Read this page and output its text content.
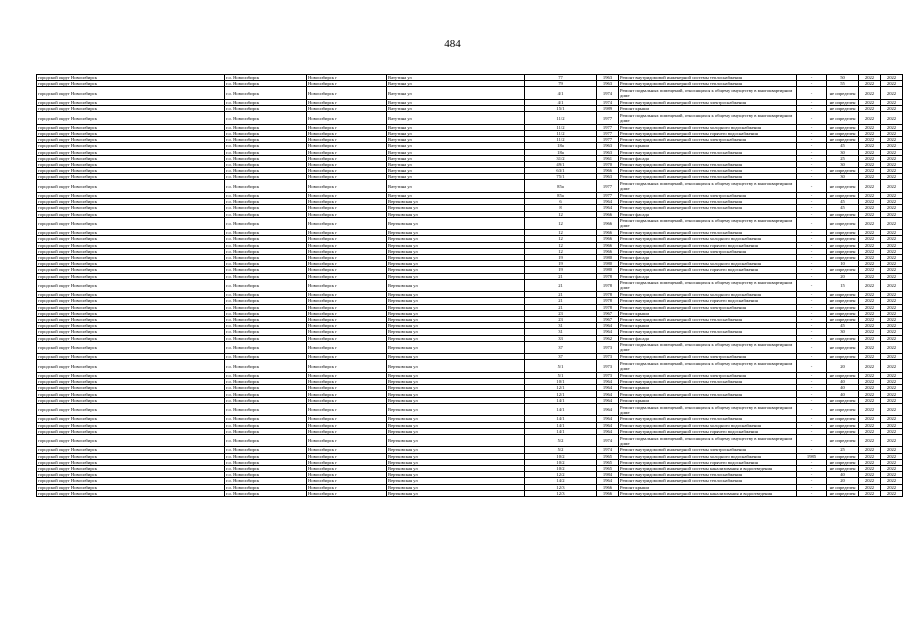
484
городской округ Новосибирск	г.о. Новосибирск	Новосибирск г	Ватутина ул	77	1963	Ремонт внутридомовой инженерной системы теплоснабжения	-	50	2022	2022
городской округ Новосибирск	г.о. Новосибирск	Новосибирск г	Ватутина ул	79	1963	Ремонт внутридомовой инженерной системы теплоснабжения	-	55	2022	2022
городской округ Новосибирск	г.о. Новосибирск	Новосибирск г	Ватутина ул	4/1	1974	Ремонт подвальных помещений, относящихся к общему имуществу в многоквартирном доме	-	не определен	2022	2022
городской округ Новосибирск	г.о. Новосибирск	Новосибирск г	Ватутина ул	4/1	1974	Ремонт внутридомовой инженерной системы электроснабжения	-	не определен	2022	2022
городской округ Новосибирск	г.о. Новосибирск	Новосибирск г	Ватутина ул	15/1	1989	Ремонт крыши	-	не определен	2022	2022
городской округ Новосибирск	г.о. Новосибирск	Новосибирск г	Ватутина ул	11/2	1977	Ремонт подвальных помещений, относящихся к общему имуществу в многоквартирном доме	-	не определен	2022	2022
городской округ Новосибирск	г.о. Новосибирск	Новосибирск г	Ватутина ул	11/2	1977	Ремонт внутридомовой инженерной системы холодного водоснабжения	-	не определен	2022	2022
городской округ Новосибирск	г.о. Новосибирск	Новосибирск г	Ватутина ул	11/2	1977	Ремонт внутридомовой инженерной системы горячего водоснабжения	-	не определен	2022	2022
городской округ Новосибирск	г.о. Новосибирск	Новосибирск г	Ватутина ул	11/2	1977	Ремонт внутридомовой инженерной системы электроснабжения	-	не определен	2022	2022
городской округ Новосибирск	г.о. Новосибирск	Новосибирск г	Ватутина ул	18а	1963	Ремонт крыши	-	45	2022	2022
городской округ Новосибирск	г.о. Новосибирск	Новосибирск г	Ватутина ул	18а	1963	Ремонт внутридомовой инженерной системы теплоснабжения	-	30	2022	2022
городской округ Новосибирск	г.о. Новосибирск	Новосибирск г	Ватутина ул	31/2	1961	Ремонт фасада	-	25	2022	2022
городской округ Новосибирск	г.о. Новосибирск	Новосибирск г	Ватутина ул	49/1	1970	Ремонт внутридомовой инженерной системы теплоснабжения	-	30	2022	2022
городской округ Новосибирск	г.о. Новосибирск	Новосибирск г	Ватутина ул	63/1	1966	Ремонт внутридомовой инженерной системы теплоснабжения	-	не определен	2022	2022
городской округ Новосибирск	г.о. Новосибирск	Новосибирск г	Ватутина ул	75/1	1963	Ремонт внутридомовой инженерной системы теплоснабжения	-	30	2022	2022
городской округ Новосибирск	г.о. Новосибирск	Новосибирск г	Ватутина ул	85а	1977	Ремонт подвальных помещений, относящихся к общему имуществу в многоквартирном доме	-	не определен	2022	2022
городской округ Новосибирск	г.о. Новосибирск	Новосибирск г	Ватутина ул	85а	1977	Ремонт внутридомовой инженерной системы электроснабжения	-	не определен	2022	2022
городской округ Новосибирск	г.о. Новосибирск	Новосибирск г	Вертковская ул	6	1964	Ремонт внутридомовой инженерной системы теплоснабжения	-	45	2022	2022
городской округ Новосибирск	г.о. Новосибирск	Новосибирск г	Вертковская ул	8	1964	Ремонт внутридомовой инженерной системы теплоснабжения	-	45	2022	2022
городской округ Новосибирск	г.о. Новосибирск	Новосибирск г	Вертковская ул	12	1966	Ремонт фасада	-	не определен	2022	2022
городской округ Новосибирск	г.о. Новосибирск	Новосибирск г	Вертковская ул	12	1966	Ремонт подвальных помещений, относящихся к общему имуществу в многоквартирном доме	-	не определен	2022	2022
городской округ Новосибирск	г.о. Новосибирск	Новосибирск г	Вертковская ул	12	1966	Ремонт внутридомовой инженерной системы теплоснабжения	-	не определен	2022	2022
городской округ Новосибирск	г.о. Новосибирск	Новосибирск г	Вертковская ул	12	1966	Ремонт внутридомовой инженерной системы холодного водоснабжения	-	не определен	2022	2022
городской округ Новосибирск	г.о. Новосибирск	Новосибирск г	Вертковская ул	12	1966	Ремонт внутридомовой инженерной системы горячего водоснабжения	-	не определен	2022	2022
городской округ Новосибирск	г.о. Новосибирск	Новосибирск г	Вертковская ул	12	1966	Ремонт внутридомовой инженерной системы электроснабжения	-	не определен	2022	2022
городской округ Новосибирск	г.о. Новосибирск	Новосибирск г	Вертковская ул	19	1980	Ремонт фасада	-	не определен	2022	2022
городской округ Новосибирск	г.о. Новосибирск	Новосибирск г	Вертковская ул	19	1980	Ремонт внутридомовой инженерной системы холодного водоснабжения	-	10	2022	2022
городской округ Новосибирск	г.о. Новосибирск	Новосибирск г	Вертковская ул	19	1980	Ремонт внутридомовой инженерной системы горячего водоснабжения	-	не определен	2022	2022
городской округ Новосибирск	г.о. Новосибирск	Новосибирск г	Вертковская ул	21	1978	Ремонт фасада	-	20	2022	2022
городской округ Новосибирск	г.о. Новосибирск	Новосибирск г	Вертковская ул	21	1978	Ремонт подвальных помещений, относящихся к общему имуществу в многоквартирном доме	-	15	2022	2022
городской округ Новосибирск	г.о. Новосибирск	Новосибирск г	Вертковская ул	21	1978	Ремонт внутридомовой инженерной системы холодного водоснабжения	-	не определен	2022	2022
городской округ Новосибирск	г.о. Новосибирск	Новосибирск г	Вертковская ул	21	1978	Ремонт внутридомовой инженерной системы горячего водоснабжения	-	не определен	2022	2022
городской округ Новосибирск	г.о. Новосибирск	Новосибирск г	Вертковская ул	21	1978	Ремонт внутридомовой инженерной системы электроснабжения	-	не определен	2022	2022
городской округ Новосибирск	г.о. Новосибирск	Новосибирск г	Вертковская ул	23	1967	Ремонт крыши	-	не определен	2022	2022
городской округ Новосибирск	г.о. Новосибирск	Новосибирск г	Вертковская ул	23	1967	Ремонт внутридомовой инженерной системы теплоснабжения	-	не определен	2022	2022
городской округ Новосибирск	г.о. Новосибирск	Новосибирск г	Вертковская ул	31	1964	Ремонт крыши	-	45	2022	2022
городской округ Новосибирск	г.о. Новосибирск	Новосибирск г	Вертковская ул	31	1964	Ремонт внутридомовой инженерной системы теплоснабжения	-	30	2022	2022
городской округ Новосибирск	г.о. Новосибирск	Новосибирск г	Вертковская ул	33	1962	Ремонт фасада	-	не определен	2022	2022
городской округ Новосибирск	г.о. Новосибирск	Новосибирск г	Вертковская ул	37	1973	Ремонт подвальных помещений, относящихся к общему имуществу в многоквартирном доме	-	не определен	2022	2022
городской округ Новосибирск	г.о. Новосибирск	Новосибирск г	Вертковская ул	37	1973	Ремонт внутридомовой инженерной системы электроснабжения	-	не определен	2022	2022
городской округ Новосибирск	г.о. Новосибирск	Новосибирск г	Вертковская ул	5/1	1973	Ремонт подвальных помещений, относящихся к общему имуществу в многоквартирном доме	-	20	2022	2022
городской округ Новосибирск	г.о. Новосибирск	Новосибирск г	Вертковская ул	5/1	1973	Ремонт внутридомовой инженерной системы электроснабжения	-	не определен	2022	2022
городской округ Новосибирск	г.о. Новосибирск	Новосибирск г	Вертковская ул	10/1	1964	Ремонт внутридомовой инженерной системы теплоснабжения	-	40	2022	2022
городской округ Новосибирск	г.о. Новосибирск	Новосибирск г	Вертковская ул	12/1	1964	Ремонт крыши	-	40	2022	2022
городской округ Новосибирск	г.о. Новосибирск	Новосибирск г	Вертковская ул	12/1	1964	Ремонт внутридомовой инженерной системы теплоснабжения	-	40	2022	2022
городской округ Новосибирск	г.о. Новосибирск	Новосибирск г	Вертковская ул	14/1	1964	Ремонт крыши	-	не определен	2022	2022
городской округ Новосибирск	г.о. Новосибирск	Новосибирск г	Вертковская ул	14/1	1964	Ремонт подвальных помещений, относящихся к общему имуществу в многоквартирном доме	-	не определен	2022	2022
городской округ Новосибирск	г.о. Новосибирск	Новосибирск г	Вертковская ул	14/1	1964	Ремонт внутридомовой инженерной системы теплоснабжения	-	не определен	2022	2022
городской округ Новосибирск	г.о. Новосибирск	Новосибирск г	Вертковская ул	14/1	1964	Ремонт внутридомовой инженерной системы холодного водоснабжения	-	не определен	2022	2022
городской округ Новосибирск	г.о. Новосибирск	Новосибирск г	Вертковская ул	14/1	1964	Ремонт внутридомовой инженерной системы горячего водоснабжения	-	не определен	2022	2022
городской округ Новосибирск	г.о. Новосибирск	Новосибирск г	Вертковская ул	5/2	1974	Ремонт подвальных помещений, относящихся к общему имуществу в многоквартирном доме	-	не определен	2022	2022
городской округ Новосибирск	г.о. Новосибирск	Новосибирск г	Вертковская ул	5/2	1974	Ремонт внутридомовой инженерной системы электроснабжения	-	25	2022	2022
городской округ Новосибирск	г.о. Новосибирск	Новосибирск г	Вертковская ул	10/2	1965	Ремонт внутридомовой инженерной системы холодного водоснабжения	1985	не определен	2022	2022
городской округ Новосибирск	г.о. Новосибирск	Новосибирск г	Вертковская ул	10/2	1965	Ремонт внутридомовой инженерной системы горячего водоснабжения	-	не определен	2022	2022
городской округ Новосибирск	г.о. Новосибирск	Новосибирск г	Вертковская ул	10/2	1965	Ремонт внутридомовой инженерной системы канализования и водоотведения	-	не определен	2022	2022
городской округ Новосибирск	г.о. Новосибирск	Новосибирск г	Вертковская ул	12/2	1984	Ремонт внутридомовой инженерной системы теплоснабжения	-	40	2022	2022
городской округ Новосибирск	г.о. Новосибирск	Новосибирск г	Вертковская ул	14/2	1964	Ремонт внутридомовой инженерной системы теплоснабжения	-	20	2022	2022
городской округ Новосибирск	г.о. Новосибирск	Новосибирск г	Вертковская ул	12/3	1966	Ремонт крыши	-	не определен	2022	2022
городской округ Новосибирск	г.о. Новосибирск	Новосибирск г	Вертковская ул	12/3	1966	Ремонт внутридомовой инженерной системы канализования и водоотведения	-	не определен	2022	2022
